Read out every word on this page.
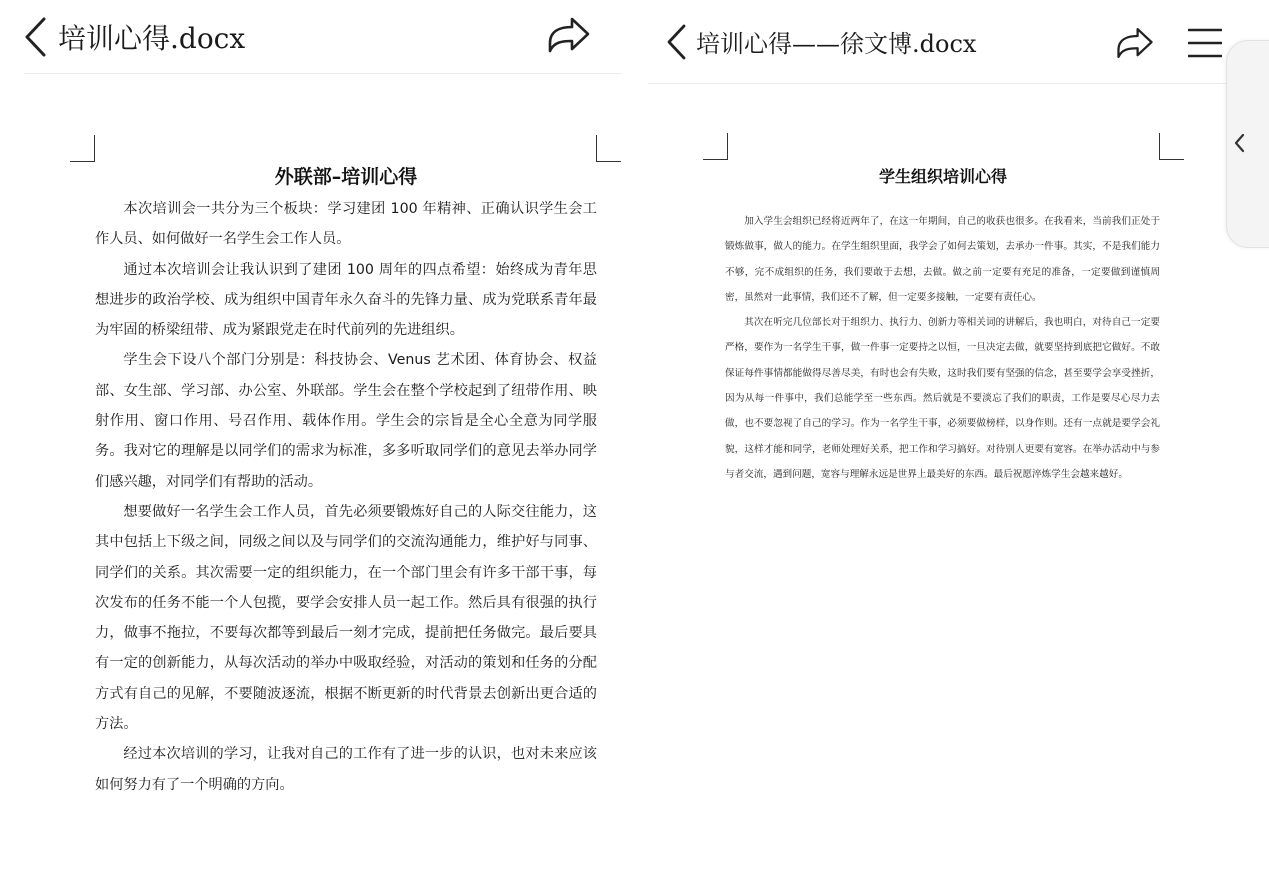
培训心得.docx
外联部–培训心得

本次培训会一共分为三个板块：学习建团 100 年精神、正确认识学生会工作人员、如何做好一名学生会工作人员。

通过本次培训会让我认识到了建团 100 周年的四点希望：始终成为青年思想进步的政治学校、成为组织中国青年永久奋斗的先锋力量、成为党联系青年最为牢固的桥梁纽带、成为紧跟党走在时代前列的先进组织。

学生会下设八个部门分别是：科技协会、Venus 艺术团、体育协会、权益部、女生部、学习部、办公室、外联部。学生会在整个学校起到了纽带作用、映射作用、窗口作用、号召作用、载体作用。学生会的宗旨是全心全意为同学服务。我对它的理解是以同学们的需求为标准，多多听取同学们的意见去举办同学们感兴趣，对同学们有帮助的活动。

想要做好一名学生会工作人员，首先必须要锻炼好自己的人际交往能力，这其中包括上下级之间，同级之间以及与同学们的交流沟通能力，维护好与同事、同学们的关系。其次需要一定的组织能力，在一个部门里会有许多干部干事，每次发布的任务不能一个人包揽，要学会安排人员一起工作。然后具有很强的执行力，做事不拖拉，不要每次都等到最后一刻才完成，提前把任务做完。最后要具有一定的创新能力，从每次活动的举办中吸取经验，对活动的策划和任务的分配方式有自己的见解，不要随波逐流，根据不断更新的时代背景去创新出更合适的方法。

经过本次培训的学习，让我对自己的工作有了进一步的认识，也对未来应该如何努力有了一个明确的方向。

培训心得——徐文博.docx
学生组织培训心得

加入学生会组织已经将近两年了，在这一年期间，自己的收获也很多。在我看来，当前我们正处于锻炼做事，做人的能力。在学生组织里面，我学会了如何去策划，去承办一件事。其实，不是我们能力不够，完不成组织的任务，我们要敢于去想，去做。做之前一定要有充足的准备，一定要做到谨慎周密，虽然对一此事情，我们还不了解，但一定要多接触，一定要有责任心。

其次在听完几位部长对于组织力、执行力、创新力等相关词的讲解后，我也明白，对待自己一定要严格，要作为一名学生干事，做一件事一定要持之以恒，一旦决定去做，就要坚持到底把它做好。不敢保证每件事情都能做得尽善尽美，有时也会有失败，这时我们要有坚强的信念，甚至要学会享受挫折，因为从每一件事中，我们总能学至一些东西。然后就是不要淡忘了我们的职责，工作是要尽心尽力去做，也不要忽视了自己的学习。作为一名学生干事，必须要做榜样，以身作则。还有一点就是要学会礼貌，这样才能和同学，老师处理好关系，把工作和学习搞好。对待别人更要有宽容。在举办活动中与参与者交流，遇到问题，宽容与理解永远是世界上最美好的东西。最后祝愿淬炼学生会越来越好。
